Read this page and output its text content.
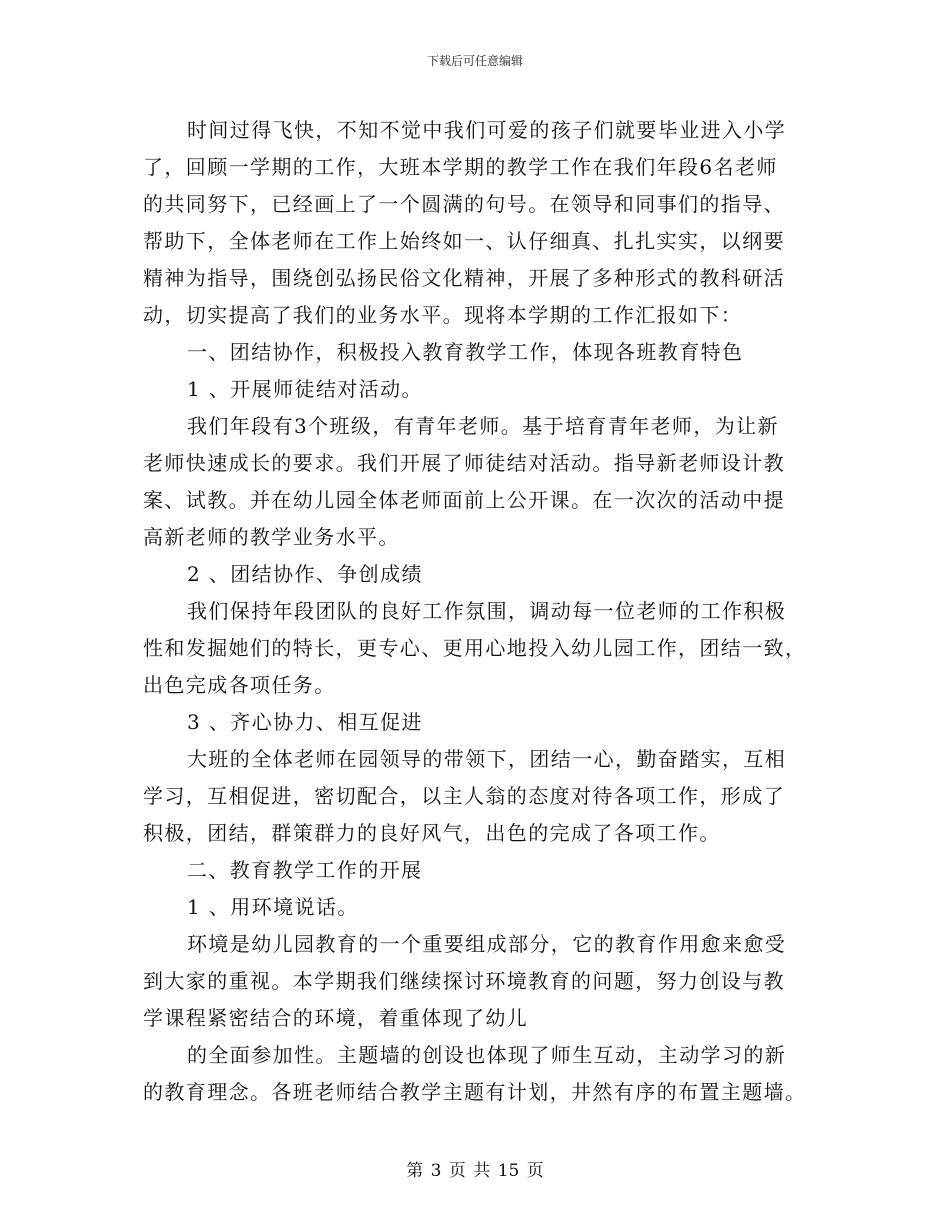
下载后可任意编辑
时间过得飞快，不知不觉中我们可爱的孩子们就要毕业进入小学
了，回顾一学期的工作，大班本学期的教学工作在我们年段6名老师
的共同努下，已经画上了一个圆满的句号。在领导和同事们的指导、
帮助下，全体老师在工作上始终如一、认仔细真、扎扎实实，以纲要
精神为指导，围绕创弘扬民俗文化精神，开展了多种形式的教科研活
动，切实提高了我们的业务水平。现将本学期的工作汇报如下：
一、团结协作，积极投入教育教学工作，体现各班教育特色
1 、开展师徒结对活动。
我们年段有3个班级，有青年老师。基于培育青年老师，为让新
老师快速成长的要求。我们开展了师徒结对活动。指导新老师设计教
案、试教。并在幼儿园全体老师面前上公开课。在一次次的活动中提
高新老师的教学业务水平。
2 、团结协作、争创成绩
我们保持年段团队的良好工作氛围，调动每一位老师的工作积极
性和发掘她们的特长，更专心、更用心地投入幼儿园工作，团结一致，
出色完成各项任务。
3 、齐心协力、相互促进
大班的全体老师在园领导的带领下，团结一心，勤奋踏实，互相
学习，互相促进，密切配合，以主人翁的态度对待各项工作，形成了
积极，团结，群策群力的良好风气，出色的完成了各项工作。
二、教育教学工作的开展
1 、用环境说话。
环境是幼儿园教育的一个重要组成部分，它的教育作用愈来愈受
到大家的重视。本学期我们继续探讨环境教育的问题，努力创设与教
学课程紧密结合的环境，着重体现了幼儿
的全面参加性。主题墙的创设也体现了师生互动，主动学习的新
的教育理念。各班老师结合教学主题有计划，井然有序的布置主题墙。
第 3 页 共 15 页
